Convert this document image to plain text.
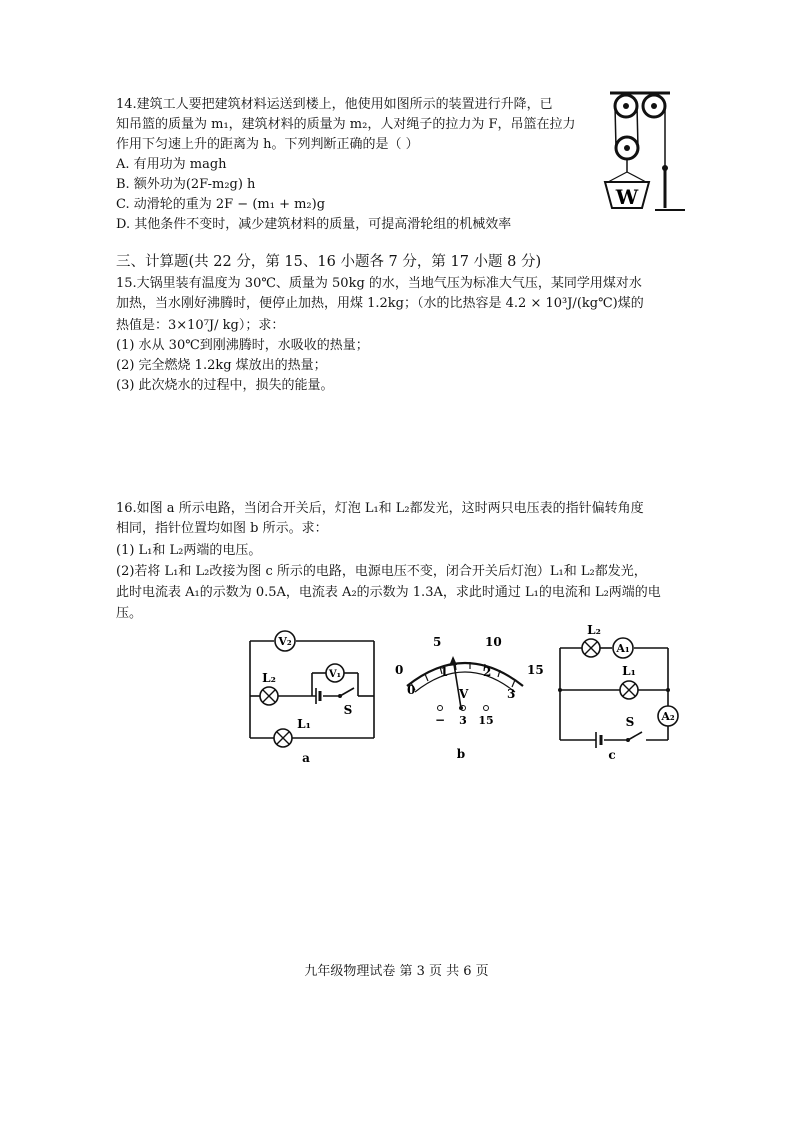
14.建筑工人要把建筑材料运送到楼上，他使用如图所示的装置进行升降，已
知吊篮的质量为 m₁，建筑材料的质量为 m₂，人对绳子的拉力为 F，吊篮在拉力
作用下匀速上升的距离为 h。下列判断正确的是（ ）
A. 有用功为 magh
B. 额外功为(2F-m₂g) h
C. 动滑轮的重为 2F − (m₁ + m₂)g
D. 其他条件不变时，减少建筑材料的质量，可提高滑轮组的机械效率
W
三、计算题(共 22 分，第 15、16 小题各 7 分，第 17 小题 8 分)
15.大锅里装有温度为 30℃、质量为 50kg 的水，当地气压为标准大气压，某同学用煤对水
加热，当水刚好沸腾时，便停止加热，用煤 1.2kg；（水的比热容是 4.2 × 10³J/(kg℃)煤的
热值是：3×10⁷J/ kg）；求：
(1) 水从 30℃到刚沸腾时，水吸收的热量；
(2) 完全燃烧 1.2kg 煤放出的热量；
(3) 此次烧水的过程中，损失的能量。
16.如图 a 所示电路，当闭合开关后，灯泡 L₁和 L₂都发光，这时两只电压表的指针偏转角度
相同，指针位置均如图 b 所示。求：
(1) L₁和 L₂两端的电压。
(2)若将 L₁和 L₂改接为图 c 所示的电路，电源电压不变，闭合开关后灯泡）L₁和 L₂都发光，
此时电流表 A₁的示数为 0.5A，电流表 A₂的示数为 1.3A，求此时通过 L₁的电流和 L₂两端的电
压。
V₂
V₁
L₂
L₁
S
a
0
5	10
15
0
1	2
3
V
− 3 15
b
L₂
A₁
L₁
A₂
S
c
九年级物理试卷 第 3 页 共 6 页
